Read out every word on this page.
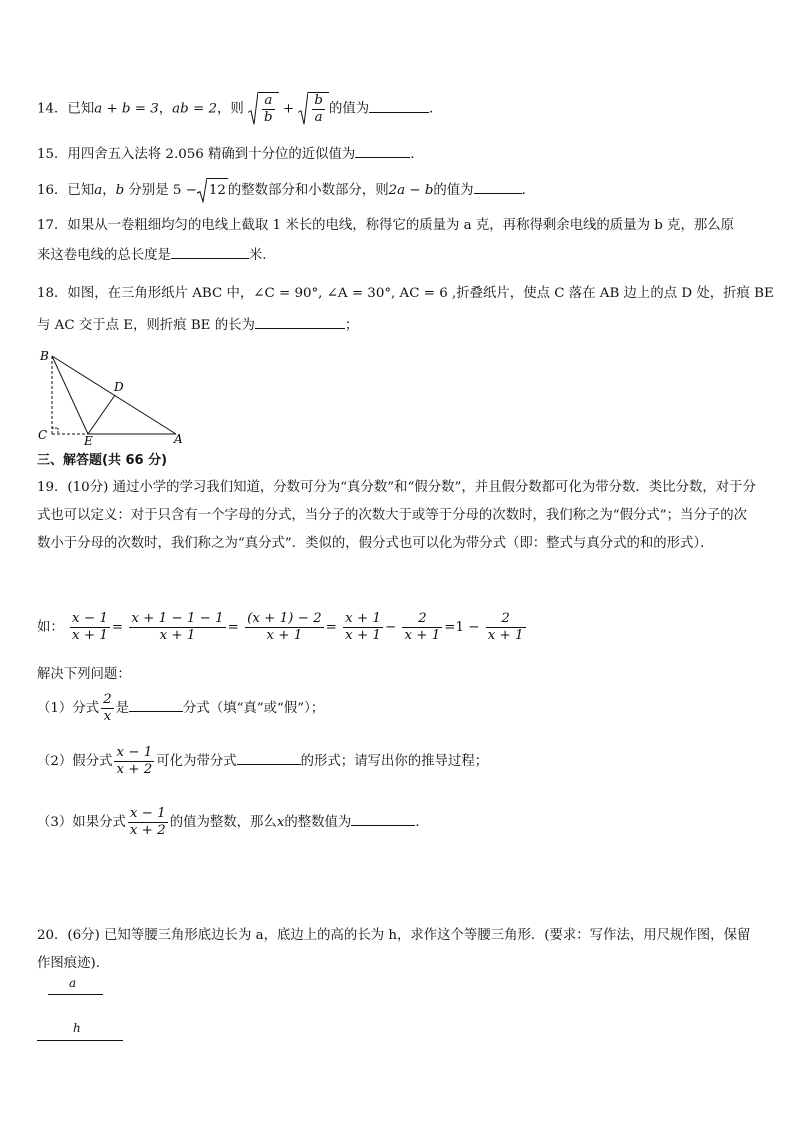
14．已知a + b = 3，ab = 2，则 $\frac{a}{b} + \frac{b}{a}$ 的值为	．
15．用四舍五入法将 2.056 精确到十分位的近似值为	．
16．已知a，b 分别是 5 − 12 的整数部分和小数部分，则2a − b的值为	．
17．如果从一卷粗细均匀的电线上截取 1 米长的电线，称得它的质量为 a 克，再称得剩余电线的质量为 b 克，那么原
来这卷电线的总长度是	米.
18．如图，在三角形纸片 ABC 中，∠C = 90°, ∠A = 30°, AC = 6 ,折叠纸片，使点 C 落在 AB 边上的点 D 处，折痕 BE
与 AC 交于点 E，则折痕 BE 的长为	；
B
D
C	E	A
三、解答题(共 66 分)
19．(10分) 通过小学的学习我们知道，分数可分为“真分数”和“假分数”，并且假分数都可化为带分数．类比分数，对于分式也可以定义：对于只含有一个字母的分式，当分子的次数大于或等于分母的次数时，我们称之为“假分式”；当分子的次数小于分母的次数时，我们称之为“真分式”．类似的，假分式也可以化为带分式（即：整式与真分式的和的形式）．
如： $\frac{x - 1}{x + 1} = \frac{x + 1 - 1 - 1}{x + 1} = \frac{(x + 1) - 2}{x + 1} = \frac{x + 1}{x + 1} - \frac{2}{x + 1} =1 - \frac{2}{x + 1}$
解决下列问题：
（1）分式 $\frac{2}{x}$ 是	分式（填“真”或“假”）；
（2）假分式 $\frac{x - 1}{x + 2}$ 可化为带分式	的形式；请写出你的推导过程；
（3）如果分式 $\frac{x - 1}{x + 2}$ 的值为整数，那么x的整数值为	．
20．(6分) 已知等腰三角形底边长为 a，底边上的高的长为 h，求作这个等腰三角形．(要求：写作法，用尺规作图，保留作图痕迹)．
a
h
